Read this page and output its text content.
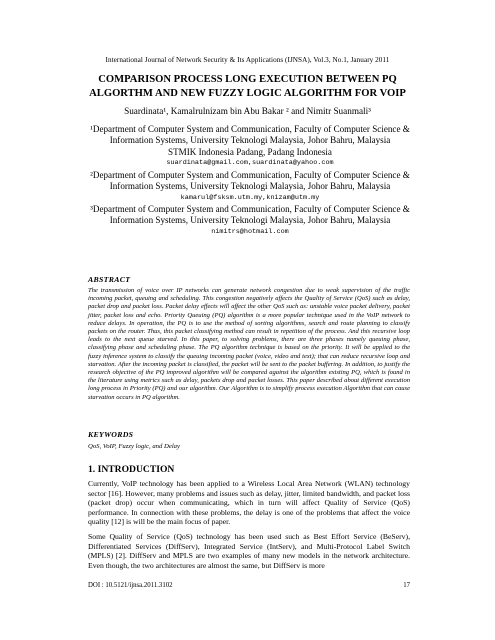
International Journal of Network Security & Its Applications (IJNSA), Vol.3, No.1, January 2011
COMPARISON PROCESS LONG EXECUTION BETWEEN PQ
ALGORTHM AND NEW FUZZY LOGIC ALGORITHM FOR VOIP
Suardinata¹, Kamalrulnizam bin Abu Bakar ² and Nimitr Suanmali³
¹Department of Computer System and Communication, Faculty of Computer Science &
Information Systems, University Teknologi Malaysia, Johor Bahru, Malaysia
STMIK Indonesia Padang, Padang Indonesia
suardinata@gmail.com,suardinata@yahoo.com
²Department of Computer System and Communication, Faculty of Computer Science &
Information Systems, University Teknologi Malaysia, Johor Bahru, Malaysia
kamarul@fsksm.utm.my,knizam@utm.my
³Department of Computer System and Communication, Faculty of Computer Science &
Information Systems, University Teknologi Malaysia, Johor Bahru, Malaysia
nimitrs@hotmail.com
ABSTRACT
The transmission of voice over IP networks can generate network congestion due to weak supervision of the traffic incoming packet, queuing and scheduling. This congestion negatively affects the Quality of Service (QoS) such as delay, packet drop and packet loss. Packet delay effects will affect the other QoS such as: unstable voice packet delivery, packet jitter, packet loss and echo. Priority Queuing (PQ) algorithm is a more popular technique used in the VoIP network to reduce delays. In operation, the PQ is to use the method of sorting algorithms, search and route planning to classify packets on the router. Thus, this packet classifying method can result in repetition of the process. And this recursive loop leads to the next queue starved. In this paper, to solving problems, there are three phases namely queuing phase, classifying phase and scheduling phase. The PQ algorithm technique is based on the priority. It will be applied to the fuzzy inference system to classify the queuing incoming packet (voice, video and text); that can reduce recursive loop and starvation. After the incoming packet is classified, the packet will be sent to the packet buffering. In addition, to justify the research objective of the PQ improved algorithm will be compared against the algorithm existing PQ, which is found in the literature using metrics such as delay, packets drop and packet losses. This paper described about different execution long process in Priority (PQ) and our algorithm. Our Algorithm is to simplify process execution Algorithm that can cause starvation occurs in PQ algorithm.
KEYWORDS
QoS, VoIP, Fuzzy logic, and Delay
1. INTRODUCTION
Currently, VoIP technology has been applied to a Wireless Local Area Network (WLAN) technology sector [16]. However, many problems and issues such as delay, jitter, limited bandwidth, and packet loss (packet drop) occur when communicating, which in turn will affect Quality of Service (QoS) performance. In connection with these problems, the delay is one of the problems that affect the voice quality [12] is will be the main focus of paper.
Some Quality of Service (QoS) technology has been used such as Best Effort Service (BeServ), Differentiated Services (DiffServ), Integrated Service (IntServ), and Multi-Protocol Label Switch (MPLS) [2]. DiffServ and MPLS are two examples of many new models in the network architecture. Even though, the two architectures are almost the same, but DiffServ is more
DOI : 10.5121/ijnsa.2011.3102	17
